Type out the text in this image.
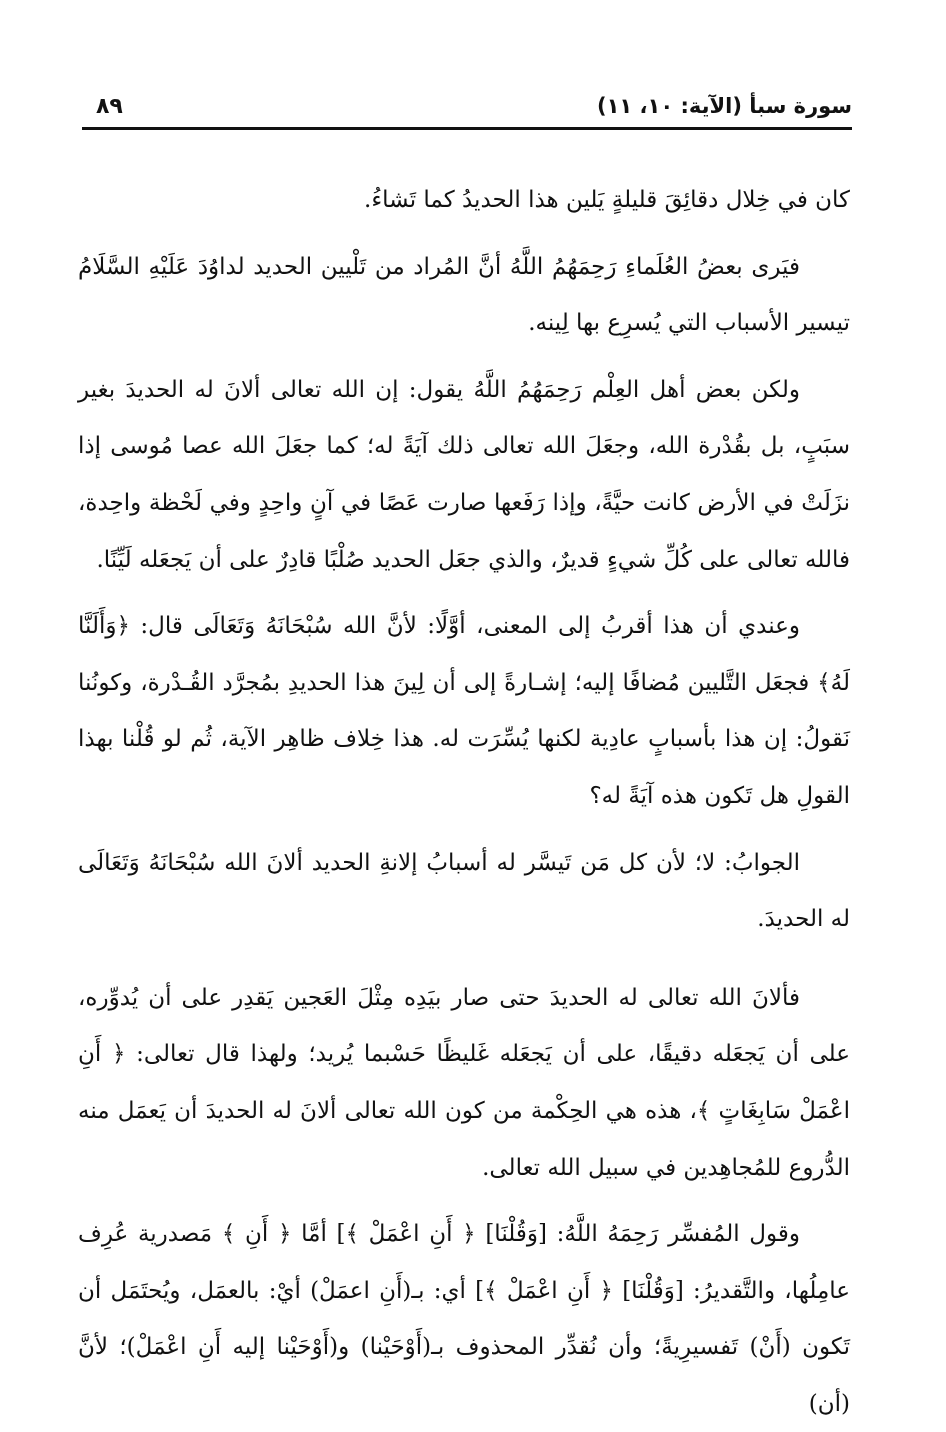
سورة سبأ (الآية: ١٠، ١١)
٨٩

كان في خِلال دقائِقَ قليلةٍ يَلين هذا الحديدُ كما تَشاءُ.

فيَرى بعضُ العُلَماءِ رَحِمَهُمُ اللَّهُ أنَّ المُراد من تَلْيين الحديد لداوُدَ عَلَيْهِ السَّلَامُ تيسير الأسباب التي يُسرِع بها لِينه.

ولكن بعض أهل العِلْم رَحِمَهُمُ اللَّهُ يقول: إن الله تعالى ألانَ له الحديدَ بغير سبَبٍ، بل بقُدْرة الله، وجعَلَ الله تعالى ذلك آيَةً له؛ كما جعَلَ الله عصا مُوسى إذا نزَلَتْ في الأرض كانت حيَّةً، وإذا رَفَعها صارت عَصًا في آنٍ واحِدٍ وفي لَحْظة واحِدة، فالله تعالى على كُلِّ شيءٍ قديرٌ، والذي جعَل الحديد صُلْبًا قادِرٌ على أن يَجعَله لَيِّنًا.

وعندي أن هذا أقربُ إلى المعنى، أوَّلًا: لأنَّ الله سُبْحَانَهُ وَتَعَالَى قال: ﴿وَأَلَنَّا لَهُ﴾ فجعَل التَّليين مُضافًا إليه؛ إشـارةً إلى أن لِينَ هذا الحديدِ بمُجرَّد القُـدْرة، وكونُنا نَقولُ: إن هذا بأسبابٍ عادِية لكنها يُسِّرَت له. هذا خِلاف ظاهِر الآية، ثُم لو قُلْنا بهذا القولِ هل تَكون هذه آيَةً له؟

الجوابُ: لا؛ لأن كل مَن تَيسَّر له أسبابُ إلانةِ الحديد ألانَ الله سُبْحَانَهُ وَتَعَالَى له الحديدَ.

فألانَ الله تعالى له الحديدَ حتى صار بيَدِه مِثْلَ العَجين يَقدِر على أن يُدوِّره، على أن يَجعَله دقيقًا، على أن يَجعَله غَليظًا حَسْبما يُريد؛ ولهذا قال تعالى: ﴿ أَنِ اعْمَلْ سَابِغَاتٍ ﴾، هذه هي الحِكْمة من كون الله تعالى ألانَ له الحديدَ أن يَعمَل منه الدُّروع للمُجاهِدين في سبيل الله تعالى.

وقول المُفسِّر رَحِمَهُ اللَّهُ: [وَقُلْنَا] ﴿ أَنِ اعْمَلْ ﴾] أمَّا ﴿ أَنِ ﴾ مَصدرية عُرِف عامِلُها، والتَّقديرُ: [وَقُلْنَا] ﴿ أَنِ اعْمَلْ ﴾] أي: بـ(أَنِ اعمَلْ) أيْ: بالعمَل، ويُحتَمَل أن تَكون (أَنْ) تَفسيرِيةً؛ وأن نُقدِّر المحذوف بـ(أَوْحَيْنا) و(أَوْحَيْنا إليه أَنِ اعْمَلْ)؛ لأنَّ (أن)
